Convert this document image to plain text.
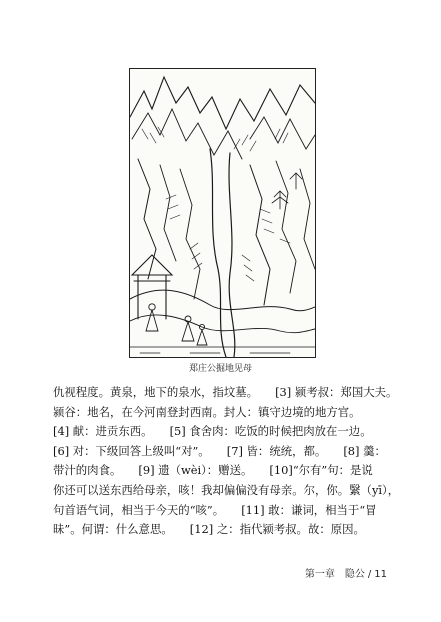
郑庄公掘地见母
仇视程度。黄泉，地下的泉水，指坟墓。　　[3] 颍考叔：郑国大夫。
颍谷：地名，在今河南登封西南。封人：镇守边境的地方官。
[4] 献：进贡东西。　　[5] 食舍肉：吃饭的时候把肉放在一边。
[6] 对：下级回答上级叫“对”。　　[7] 皆：统统，都。　　[8] 羹：
带汁的肉食。　　[9] 遗（wèi）：赠送。　　[10]“尔有”句：是说
你还可以送东西给母亲，咳！我却偏偏没有母亲。尔，你。繄（yī），
句首语气词，相当于今天的“咳”。　　[11] 敢：谦词，相当于“冒
昧”。何谓：什么意思。　　[12] 之：指代颍考叔。故：原因。
第一章　隐公 / 11
